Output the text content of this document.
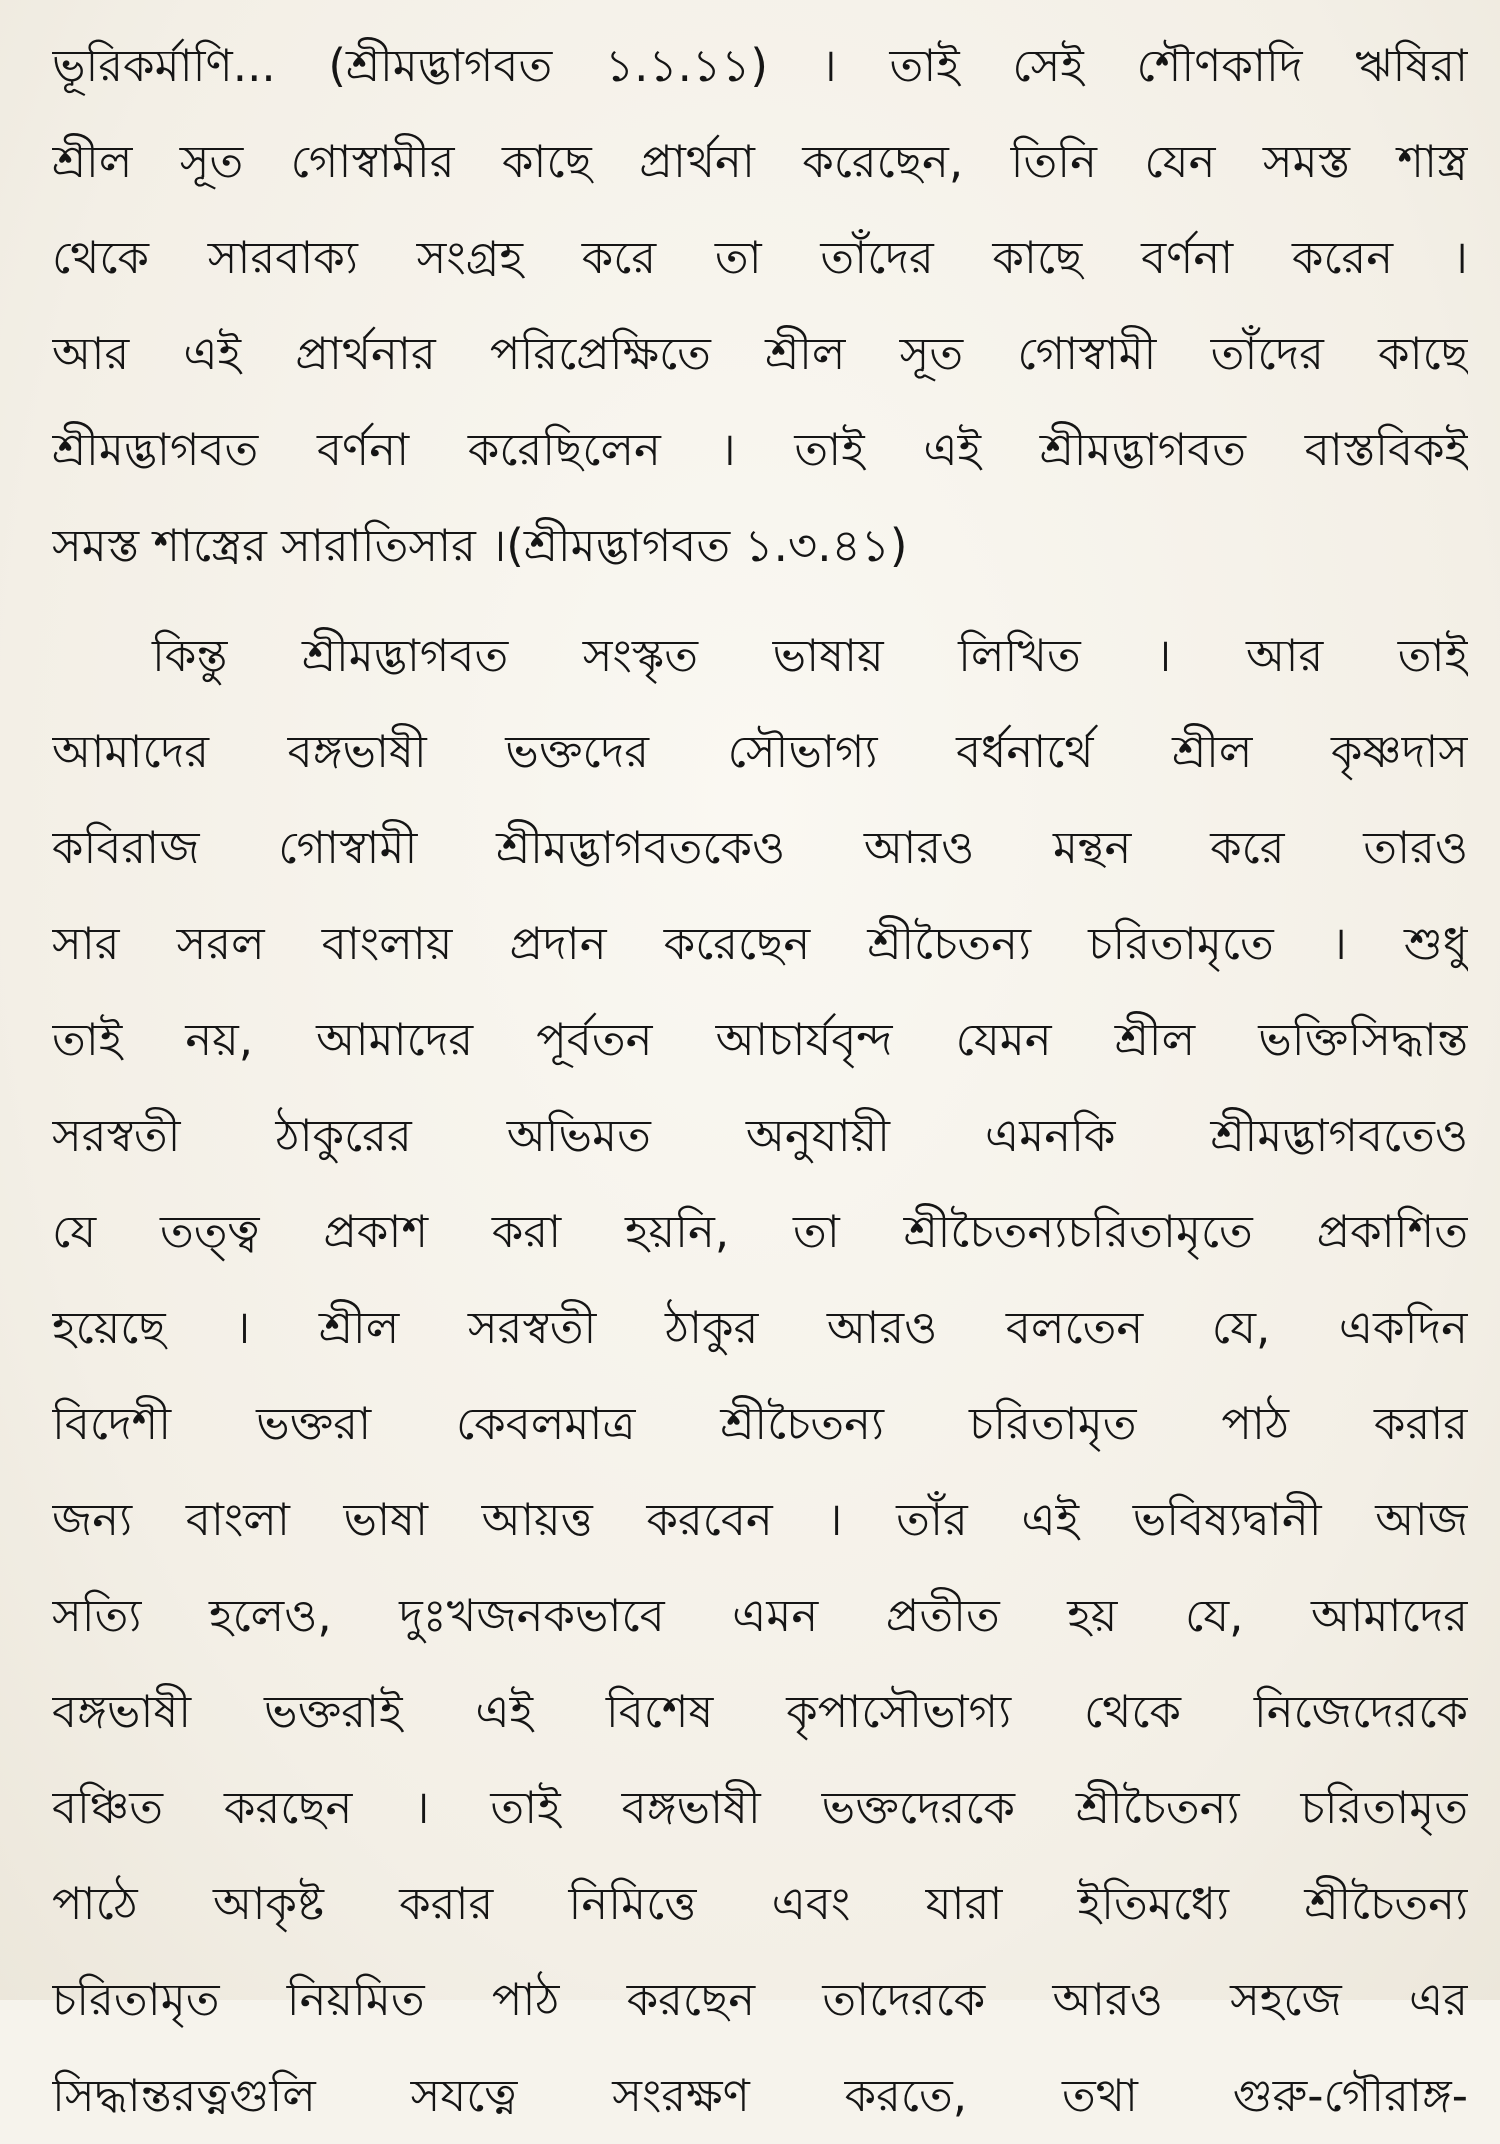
ভূরিকর্মাণি... (শ্রীমদ্ভাগবত ১.১.১১) । তাই সেই শৌণকাদি ঋষিরা
শ্রীল সূত গোস্বামীর কাছে প্রার্থনা করেছেন, তিনি যেন সমস্ত শাস্ত্র
থেকে সারবাক্য সংগ্রহ করে তা তাঁদের কাছে বর্ণনা করেন ।
আর এই প্রার্থনার পরিপ্রেক্ষিতে শ্রীল সূত গোস্বামী তাঁদের কাছে
শ্রীমদ্ভাগবত বর্ণনা করেছিলেন । তাই এই শ্রীমদ্ভাগবত বাস্তবিকই
সমস্ত শাস্ত্রের সারাতিসার ।(শ্রীমদ্ভাগবত ১.৩.৪১)
কিন্তু শ্রীমদ্ভাগবত সংস্কৃত ভাষায় লিখিত । আর তাই
আমাদের বঙ্গভাষী ভক্তদের সৌভাগ্য বর্ধনার্থে শ্রীল কৃষ্ণদাস
কবিরাজ গোস্বামী শ্রীমদ্ভাগবতকেও আরও মন্থন করে তারও
সার সরল বাংলায় প্রদান করেছেন শ্রীচৈতন্য চরিতামৃতে । শুধু
তাই নয়, আমাদের পূর্বতন আচার্যবৃন্দ যেমন শ্রীল ভক্তিসিদ্ধান্ত
সরস্বতী ঠাকুরের অভিমত অনুযায়ী এমনকি শ্রীমদ্ভাগবতেও
যে তত্ত্ব প্রকাশ করা হয়নি, তা শ্রীচৈতন্যচরিতামৃতে প্রকাশিত
হয়েছে । শ্রীল সরস্বতী ঠাকুর আরও বলতেন যে, একদিন
বিদেশী ভক্তরা কেবলমাত্র শ্রীচৈতন্য চরিতামৃত পাঠ করার
জন্য বাংলা ভাষা আয়ত্ত করবেন । তাঁর এই ভবিষ্যদ্বানী আজ
সত্যি হলেও, দুঃখজনকভাবে এমন প্রতীত হয় যে, আমাদের
বঙ্গভাষী ভক্তরাই এই বিশেষ কৃপাসৌভাগ্য থেকে নিজেদেরকে
বঞ্চিত করছেন । তাই বঙ্গভাষী ভক্তদেরকে শ্রীচৈতন্য চরিতামৃত
পাঠে আকৃষ্ট করার নিমিত্তে এবং যারা ইতিমধ্যে শ্রীচৈতন্য
চরিতামৃত নিয়মিত পাঠ করছেন তাদেরকে আরও সহজে এর
সিদ্ধান্তরত্নগুলি সযত্নে সংরক্ষণ করতে, তথা গুরু-গৌরাঙ্গ-
